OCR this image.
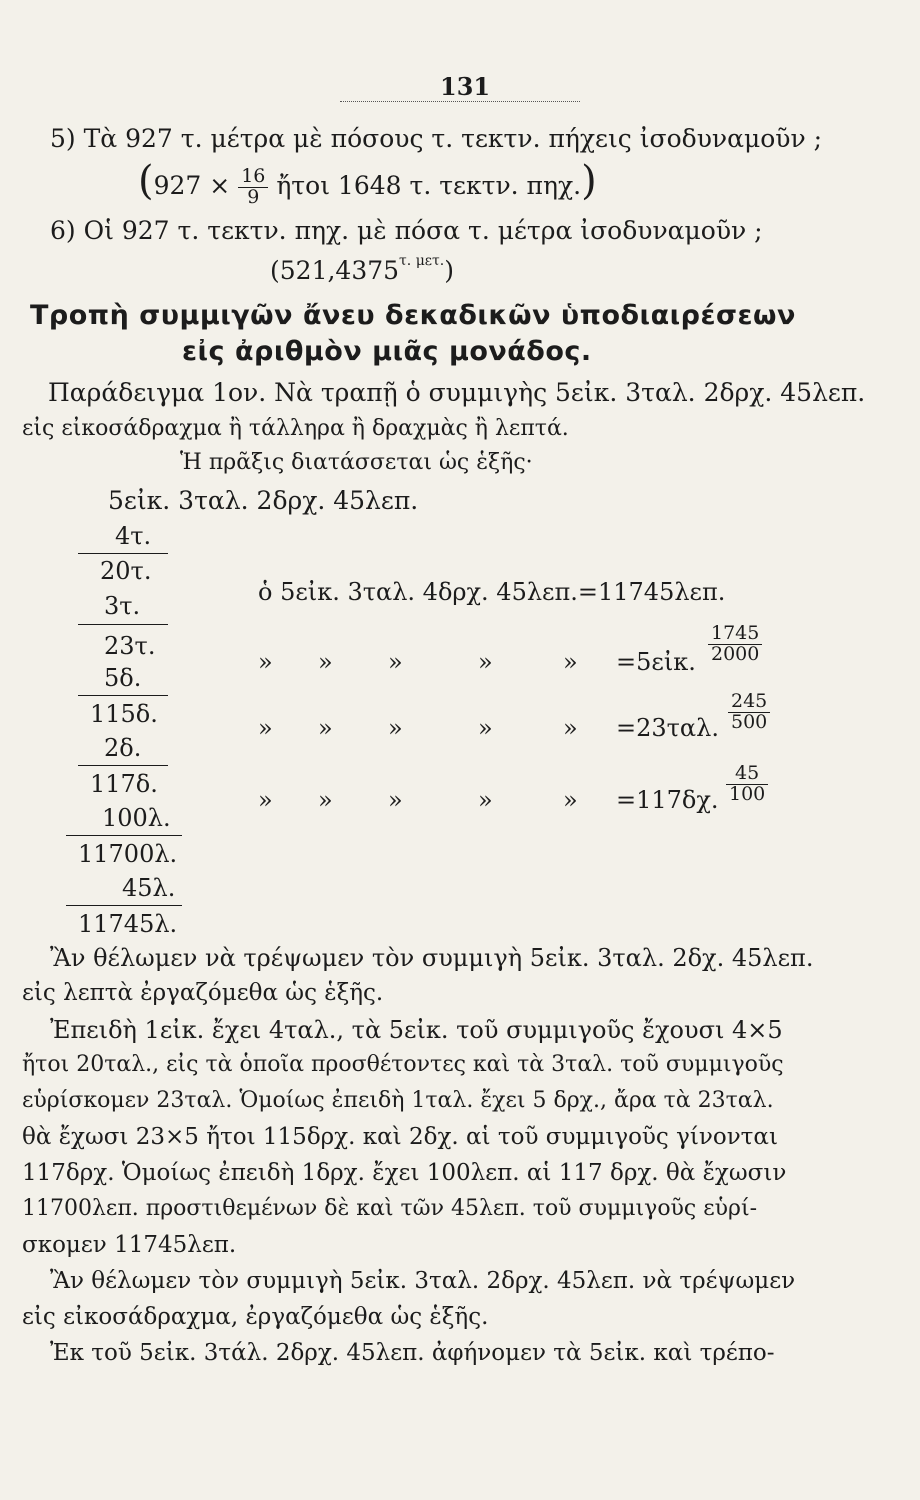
131
5) Τὰ 927 τ. μέτρα μὲ πόσους τ. τεκτν. πήχεις ἰσοδυναμοῦν ;
($927 \times \frac{16}{9}$ ἤτοι 1648 τ. τεκτν. πηχ.)
6) Οἱ 927 τ. τεκτν. πηχ. μὲ πόσα τ. μέτρα ἰσοδυναμοῦν ;
$(521,4375^{\tau. \mu\varepsilon\tau.})$
Τροπὴ συμμιγῶν ἄνευ δεκαδικῶν ὑποδιαιρέσεων
εἰς ἀριθμὸν μιᾶς μονάδος.
Παράδειγμα 1ον. Νὰ τραπῇ ὁ συμμιγὴς 5εἰκ. 3ταλ. 2δρχ. 45λεπ.
εἰς εἰκοσάδραχμα ἢ τάλληρα ἢ δραχμὰς ἢ λεπτά.
Ἡ πρᾶξις διατάσσεται ὡς ἑξῆς·
5εἰκ. 3ταλ. 2δρχ. 45λεπ.
4τ.
20τ.
3τ.
23τ.
5δ.
115δ.
2δ.
117δ.
100λ.
11700λ.
45λ.
11745λ.
ὁ 5εἰκ. 3ταλ. 4δρχ. 45λεπ.=11745λεπ.
» » »	»	» =5εἰκ. $\frac{1745}{2000}$
» » »	»	» =23ταλ. $\frac{245}{500}$
» » »	»	» =117δχ. $\frac{45}{100}$
Ἂν θέλωμεν νὰ τρέψωμεν τὸν συμμιγὴ 5εἰκ. 3ταλ. 2δχ. 45λεπ.
εἰς λεπτὰ ἐργαζόμεθα ὡς ἑξῆς.
Ἐπειδὴ 1εἰκ. ἔχει 4ταλ., τὰ 5εἰκ. τοῦ συμμιγοῦς ἔχουσι 4×5
ἤτοι 20ταλ., εἰς τὰ ὁποῖα προσθέτοντες καὶ τὰ 3ταλ. τοῦ συμμιγοῦς
εὑρίσκομεν 23ταλ. Ὁμοίως ἐπειδὴ 1ταλ. ἔχει 5 δρχ., ἄρα τὰ 23ταλ.
θὰ ἔχωσι 23×5 ἤτοι 115δρχ. καὶ 2δχ. αἱ τοῦ συμμιγοῦς γίνονται
117δρχ. Ὁμοίως ἐπειδὴ 1δρχ. ἔχει 100λεπ. αἱ 117 δρχ. θὰ ἔχωσιν
11700λεπ. προστιθεμένων δὲ καὶ τῶν 45λεπ. τοῦ συμμιγοῦς εὑρί-
σκομεν 11745λεπ.
Ἂν θέλωμεν τὸν συμμιγὴ 5εἰκ. 3ταλ. 2δρχ. 45λεπ. νὰ τρέψωμεν
εἰς εἰκοσάδραχμα, ἐργαζόμεθα ὡς ἑξῆς.
Ἐκ τοῦ 5εἰκ. 3τάλ. 2δρχ. 45λεπ. ἀφήνομεν τὰ 5εἰκ. καὶ τρέπο-
